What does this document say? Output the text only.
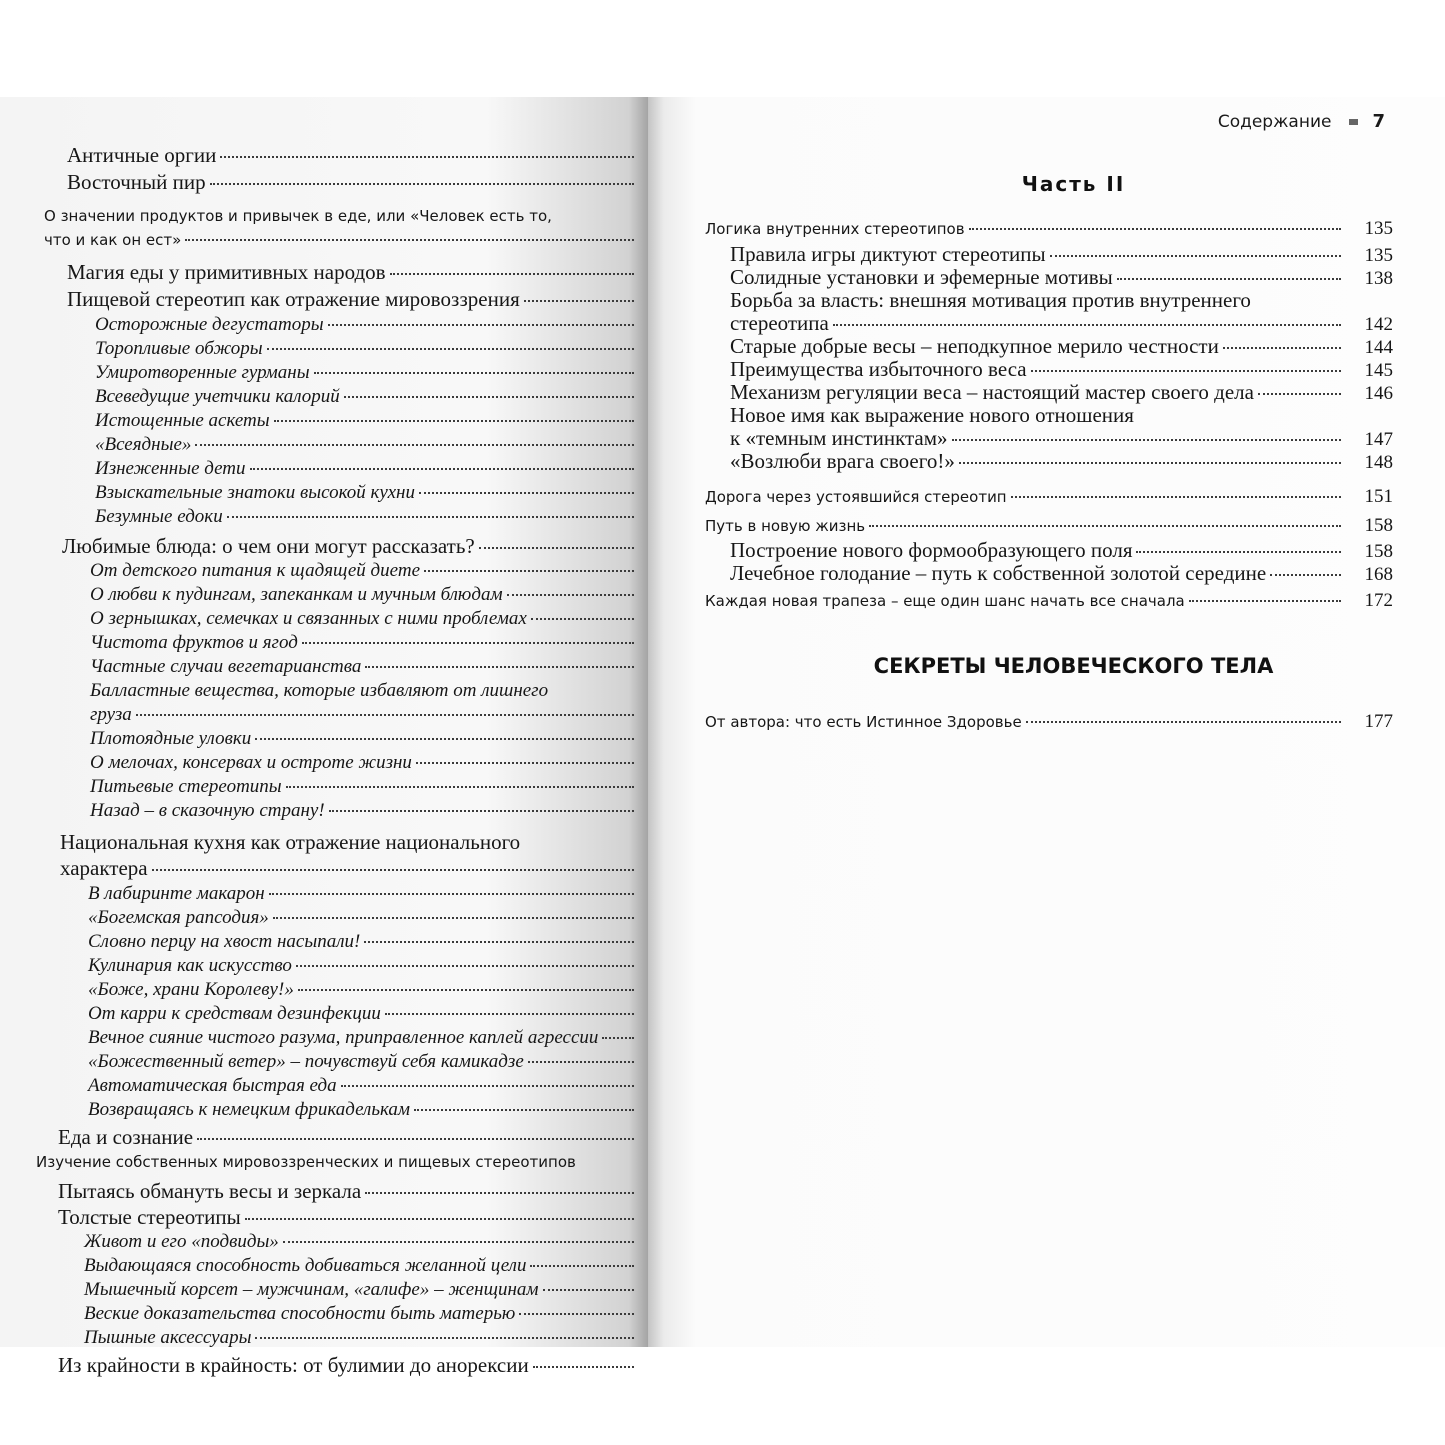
Античные оргии
Восточный пир
О значении продуктов и привычек в еде, или «Человек есть то,
что и как он ест»
Магия еды у примитивных народов
Пищевой стереотип как отражение мировоззрения
Осторожные дегустаторы
Торопливые обжоры
Умиротворенные гурманы
Всеведущие учетчики калорий
Истощенные аскеты
«Всеядные»
Изнеженные дети
Взыскательные знатоки высокой кухни
Безумные едоки
Любимые блюда: о чем они могут рассказать?
От детского питания к щадящей диете
О любви к пудингам, запеканкам и мучным блюдам
О зернышках, семечках и связанных с ними проблемах
Чистота фруктов и ягод
Частные случаи вегетарианства
Балластные вещества, которые избавляют от лишнего
груза
Плотоядные уловки
О мелочах, консервах и остроте жизни
Питьевые стереотипы
Назад – в сказочную страну!
Национальная кухня как отражение национального
характера
В лабиринте макарон
«Богемская рапсодия»
Словно перцу на хвост насыпали!
Кулинария как искусство
«Боже, храни Королеву!»
От карри к средствам дезинфекции
Вечное сияние чистого разума, приправленное каплей агрессии
«Божественный ветер» – почувствуй себя камикадзе
Автоматическая быстрая еда
Возвращаясь к немецким фрикаделькам
Еда и сознание
Изучение собственных мировоззренческих и пищевых стереотипов
Пытаясь обмануть весы и зеркала
Толстые стереотипы
Живот и его «подвиды»
Выдающаяся способность добиваться желанной цели
Мышечный корсет – мужчинам, «галифе» – женщинам
Веские доказательства способности быть матерью
Пышные аксессуары
Из крайности в крайность: от булимии до анорексии
Содержание 7
Часть II
Логика внутренних стереотипов	135
Правила игры диктуют стереотипы	135
Солидные установки и эфемерные мотивы	138
Борьба за власть: внешняя мотивация против внутреннего
стереотипа	142
Старые добрые весы – неподкупное мерило честности	144
Преимущества избыточного веса	145
Механизм регуляции веса – настоящий мастер своего дела	146
Новое имя как выражение нового отношения
к «темным инстинктам»	147
«Возлюби врага своего!»	148
Дорога через устоявшийся стереотип	151
Путь в новую жизнь	158
Построение нового формообразующего поля	158
Лечебное голодание – путь к собственной золотой середине	168
Каждая новая трапеза – еще один шанс начать все сначала	172
СЕКРЕТЫ ЧЕЛОВЕЧЕСКОГО ТЕЛА
От автора: что есть Истинное Здоровье	177
